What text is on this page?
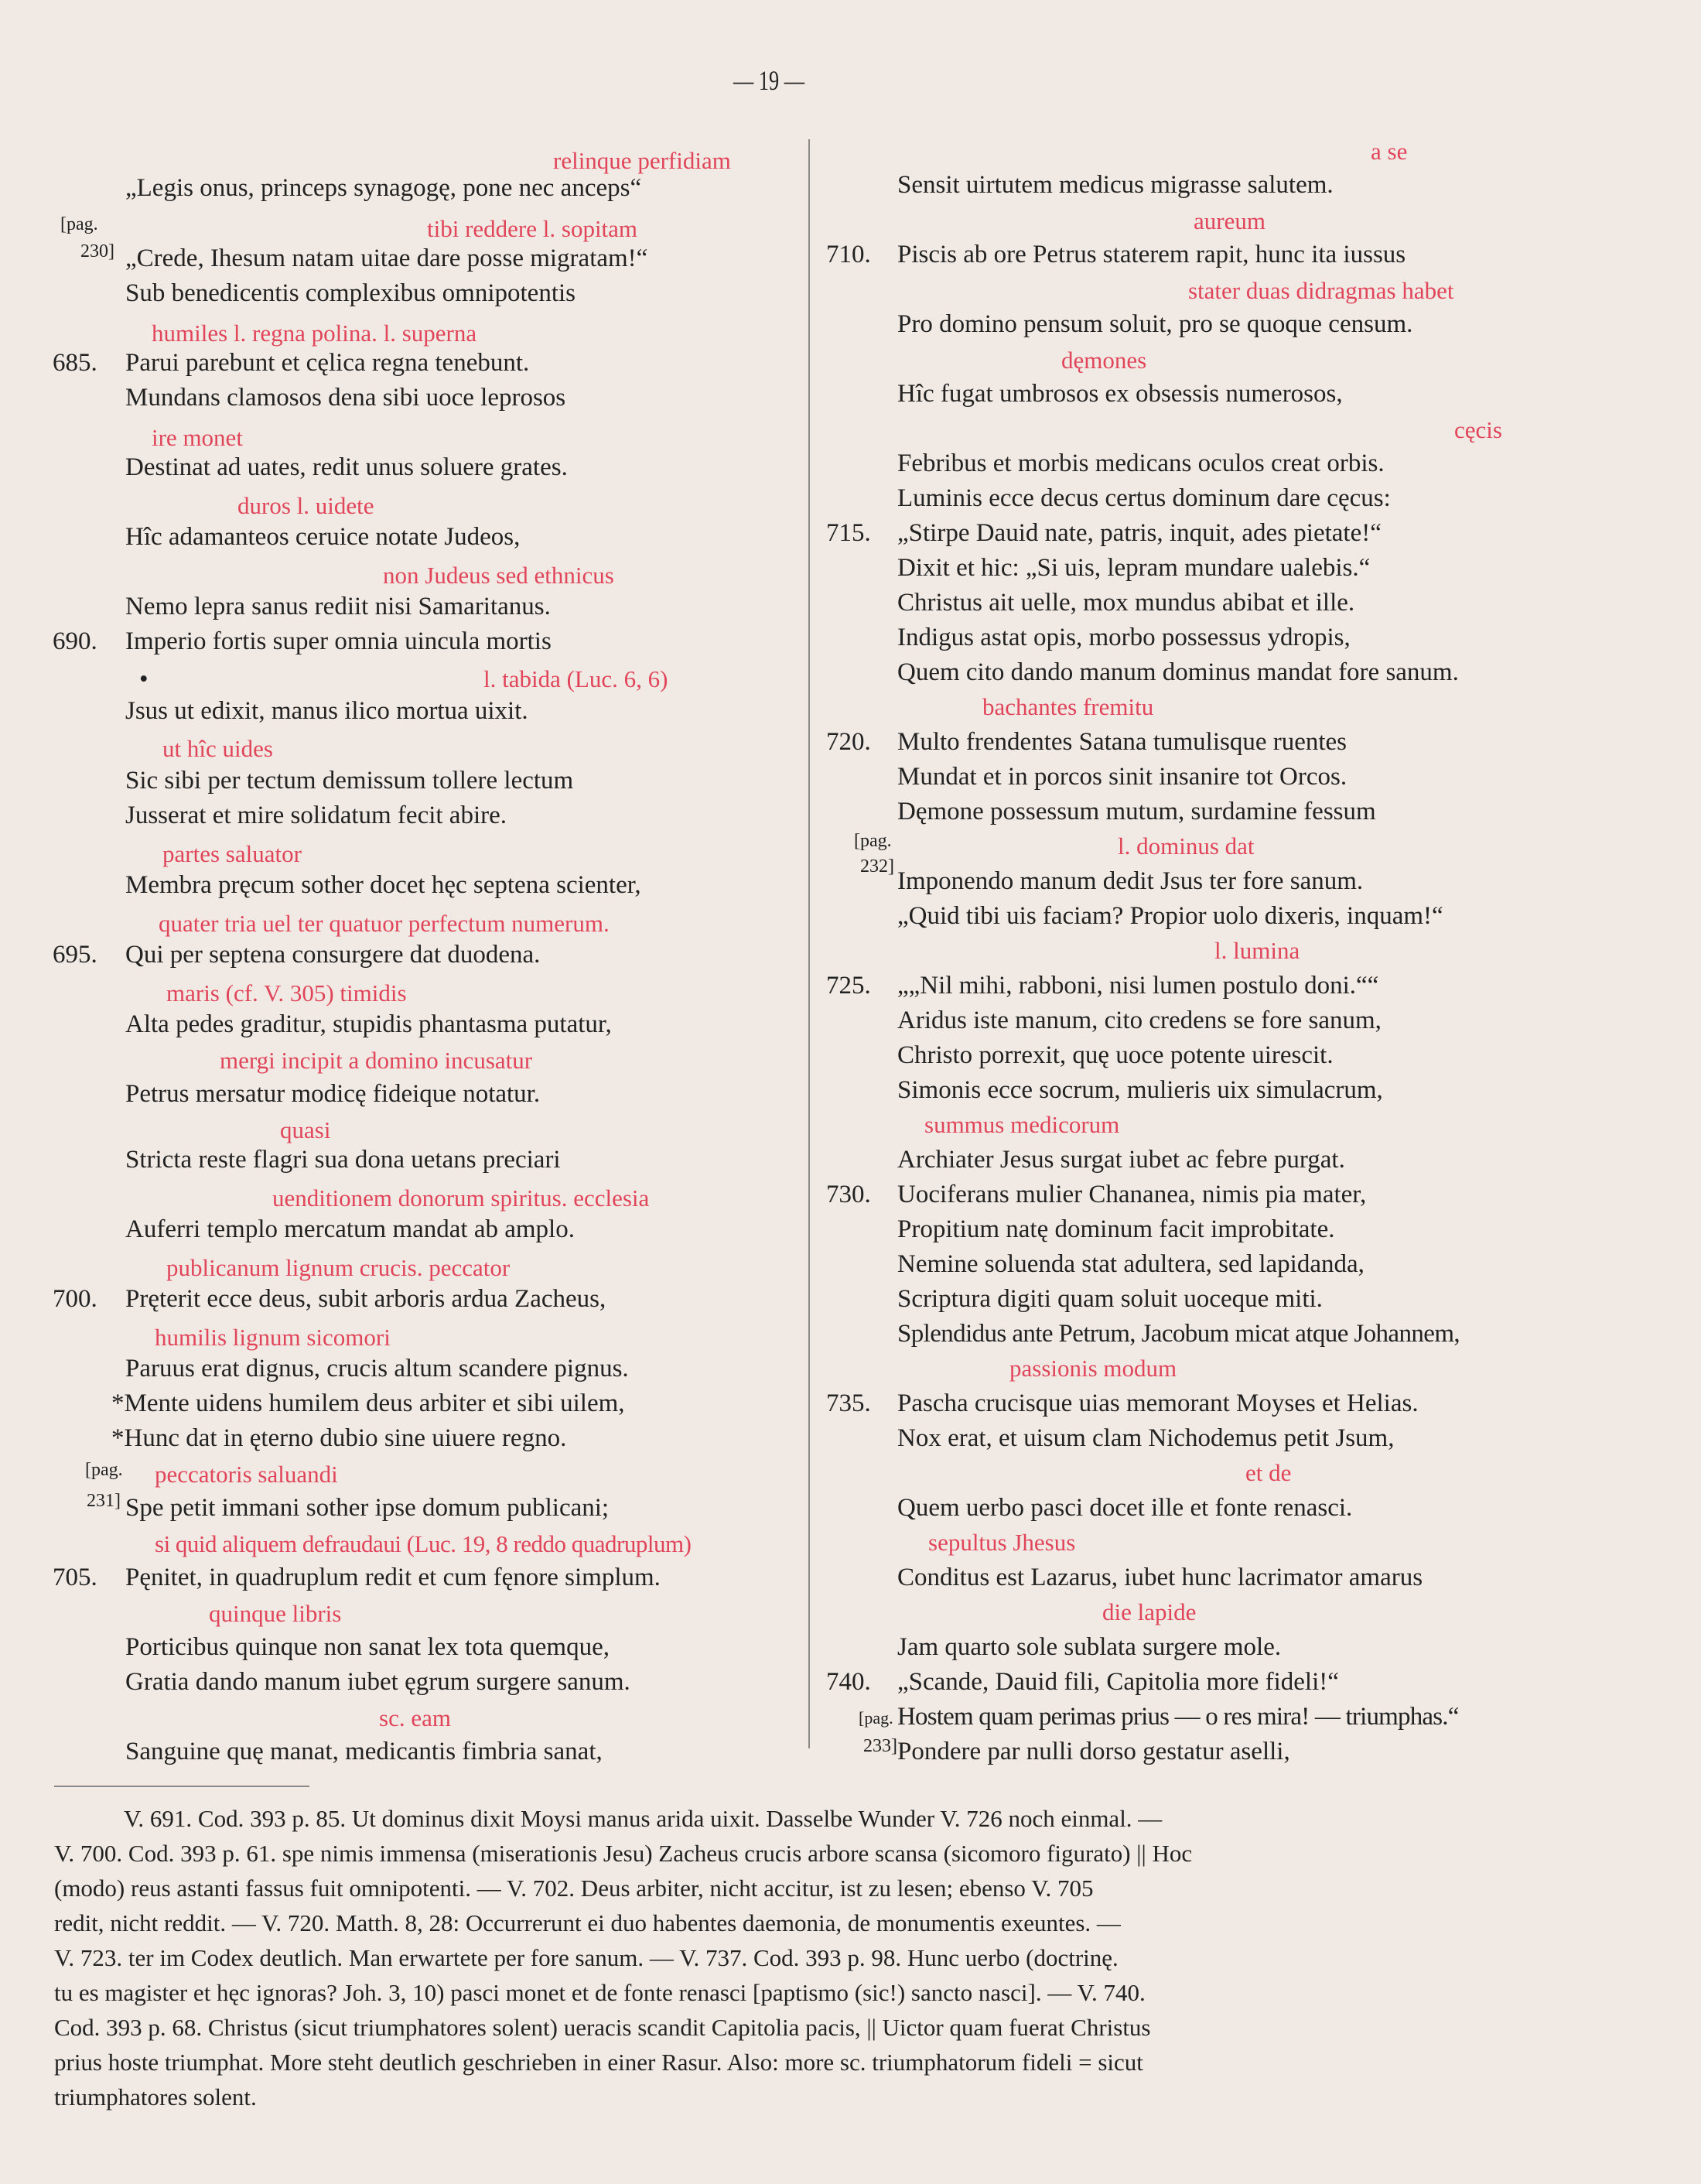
— 19 —
relinque perfidiam
„Legis onus, princeps synagogę, pone nec anceps“
tibi reddere l. sopitam
„Crede, Ihesum natam uitae dare posse migratam!“
Sub benedicentis complexibus omnipotentis
humiles l. regna polina. l. superna
Parui parebunt et cęlica regna tenebunt.
Mundans clamosos dena sibi uoce leprosos
ire monet
Destinat ad uates, redit unus soluere grates.
duros l. uidete
Hîc adamanteos ceruice notate Judeos,
non Judeus sed ethnicus
Nemo lepra sanus rediit nisi Samaritanus.
Imperio fortis super omnia uincula mortis
•	l. tabida (Luc. 6, 6)
Jsus ut edixit, manus ilico mortua uixit.
ut hîc uides
Sic sibi per tectum demissum tollere lectum
Jusserat et mire solidatum fecit abire.
partes saluator
Membra pręcum sother docet hęc septena scienter,
quater tria uel ter quatuor perfectum numerum.
Qui per septena consurgere dat duodena.
maris (cf. V. 305) timidis
Alta pedes graditur, stupidis phantasma putatur,
mergi incipit a domino incusatur
Petrus mersatur modicę fideique notatur.
quasi
Stricta reste flagri sua dona uetans preciari
uenditionem donorum spiritus. ecclesia
Auferri templo mercatum mandat ab amplo.
publicanum lignum crucis. peccator
Pręterit ecce deus, subit arboris ardua Zacheus,
humilis lignum sicomori
Paruus erat dignus, crucis altum scandere pignus.
*Mente uidens humilem deus arbiter et sibi uilem,
*Hunc dat in ęterno dubio sine uiuere regno.
peccatoris saluandi
Spe petit immani sother ipse domum publicani;
si quid aliquem defraudaui (Luc. 19, 8 reddo quadruplum)
Pęnitet, in quadruplum redit et cum fęnore simplum.
quinque libris
Porticibus quinque non sanat lex tota quemque,
Gratia dando manum iubet ęgrum surgere sanum.
sc. eam
Sanguine quę manat, medicantis fimbria sanat,
685.
690.
695.
700.
705.
[pag.
230]
[pag.
231]
a se
Sensit uirtutem medicus migrasse salutem.
aureum
Piscis ab ore Petrus staterem rapit, hunc ita iussus
stater duas didragmas habet
Pro domino pensum soluit, pro se quoque censum.
dęmones
Hîc fugat umbrosos ex obsessis numerosos,
cęcis
Febribus et morbis medicans oculos creat orbis.
Luminis ecce decus certus dominum dare cęcus:
„Stirpe Dauid nate, patris, inquit, ades pietate!“
Dixit et hic: „Si uis, lepram mundare ualebis.“
Christus ait uelle, mox mundus abibat et ille.
Indigus astat opis, morbo possessus ydropis,
Quem cito dando manum dominus mandat fore sanum.
bachantes fremitu
Multo frendentes Satana tumulisque ruentes
Mundat et in porcos sinit insanire tot Orcos.
Dęmone possessum mutum, surdamine fessum
l. dominus dat
Imponendo manum dedit Jsus ter fore sanum.
„Quid tibi uis faciam? Propior uolo dixeris, inquam!“
l. lumina
„„Nil mihi, rabboni, nisi lumen postulo doni.““
Aridus iste manum, cito credens se fore sanum,
Christo porrexit, quę uoce potente uirescit.
Simonis ecce socrum, mulieris uix simulacrum,
summus medicorum
Archiater Jesus surgat iubet ac febre purgat.
Uociferans mulier Chananea, nimis pia mater,
Propitium natę dominum facit improbitate.
Nemine soluenda stat adultera, sed lapidanda,
Scriptura digiti quam soluit uoceque miti.
Splendidus ante Petrum, Jacobum micat atque Johannem,
passionis modum
Pascha crucisque uias memorant Moyses et Helias.
Nox erat, et uisum clam Nichodemus petit Jsum,
et de
Quem uerbo pasci docet ille et fonte renasci.
sepultus Jhesus
Conditus est Lazarus, iubet hunc lacrimator amarus
die lapide
Jam quarto sole sublata surgere mole.
„Scande, Dauid fili, Capitolia more fideli!“
Hostem quam perimas prius — o res mira! — triumphas.“
Pondere par nulli dorso gestatur aselli,
710.
715.
720.
725.
730.
735.
740.
[pag.
232]
[pag.
233]
V. 691. Cod. 393 p. 85. Ut dominus dixit Moysi manus arida uixit. Dasselbe Wunder V. 726 noch einmal. —
V. 700. Cod. 393 p. 61. spe nimis immensa (miserationis Jesu) Zacheus crucis arbore scansa (sicomoro figurato) || Hoc
(modo) reus astanti fassus fuit omnipotenti. — V. 702. Deus arbiter, nicht accitur, ist zu lesen; ebenso V. 705
redit, nicht reddit. — V. 720. Matth. 8, 28: Occurrerunt ei duo habentes daemonia, de monumentis exeuntes. —
V. 723. ter im Codex deutlich. Man erwartete per fore sanum. — V. 737. Cod. 393 p. 98. Hunc uerbo (doctrinę.
tu es magister et hęc ignoras? Joh. 3, 10) pasci monet et de fonte renasci [paptismo (sic!) sancto nasci]. — V. 740.
Cod. 393 p. 68. Christus (sicut triumphatores solent) ueracis scandit Capitolia pacis, || Uictor quam fuerat Christus
prius hoste triumphat. More steht deutlich geschrieben in einer Rasur. Also: more sc. triumphatorum fideli = sicut
triumphatores solent.
